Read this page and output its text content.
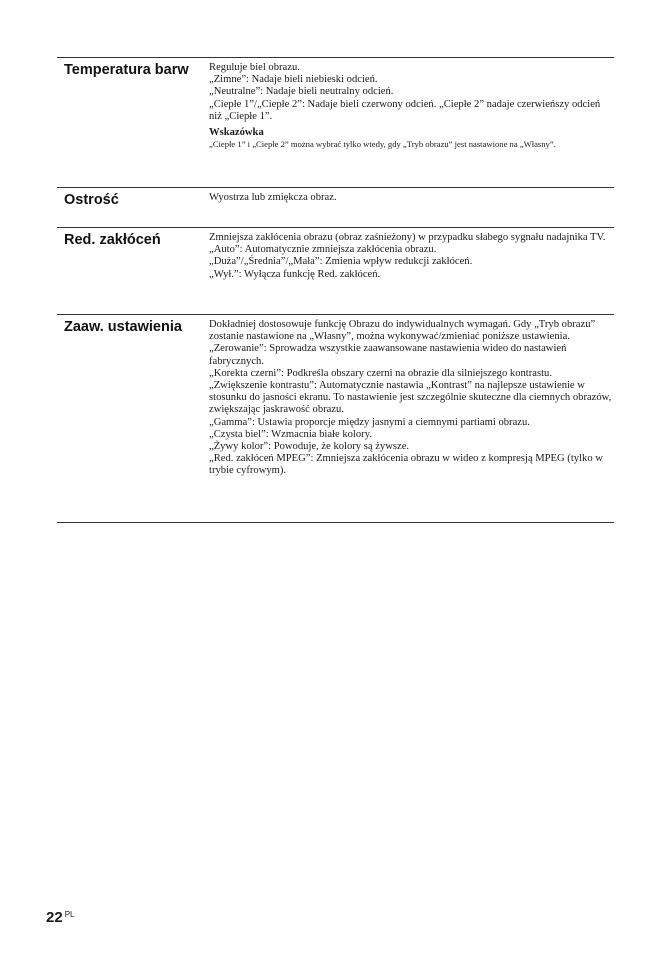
Temperatura barw	Reguluje biel obrazu.

„Zimne”: Nadaje bieli niebieski odcień.

„Neutralne”: Nadaje bieli neutralny odcień.

„Ciepłe 1”/„Ciepłe 2”: Nadaje bieli czerwony odcień. „Ciepłe 2” nadaje czerwieńszy odcień niż „Ciepłe 1”.

Wskazówka

„Ciepłe 1” i „Ciepłe 2” można wybrać tylko wtedy, gdy „Tryb obrazu” jest nastawione na „Własny”.

Ostrość	Wyostrza lub zmiękcza obraz.

Red. zakłóceń	Zmniejsza zakłócenia obrazu (obraz zaśnieżony) w przypadku słabego sygnału nadajnika TV.

„Auto”: Automatycznie zmniejsza zakłócenia obrazu.

„Duża”/„Średnia”/„Mała”: Zmienia wpływ redukcji zakłóceń.

„Wył.”: Wyłącza funkcję Red. zakłóceń.

Zaaw. ustawienia	Dokładniej dostosowuje funkcję Obrazu do indywidualnych wymagań. Gdy „Tryb obrazu” zostanie nastawione na „Własny”, można wykonywać/zmieniać poniższe ustawienia.

„Zerowanie”: Sprowadza wszystkie zaawansowane nastawienia wideo do nastawień fabrycznych.

„Korekta czerni”: Podkreśla obszary czerni na obrazie dla silniejszego kontrastu.

„Zwiększenie kontrastu”: Automatycznie nastawia „Kontrast” na najlepsze ustawienie w stosunku do jasności ekranu. To nastawienie jest szczególnie skuteczne dla ciemnych obrazów, zwiększając jaskrawość obrazu.

„Gamma”: Ustawia proporcje między jasnymi a ciemnymi partiami obrazu.

„Czysta biel”: Wzmacnia białe kolory.

„Żywy kolor”: Powoduje, że kolory są żywsze.

„Red. zakłóceń MPEG”: Zmniejsza zakłócenia obrazu w wideo z kompresją MPEG (tylko w trybie cyfrowym).

22 $^{PL}$
